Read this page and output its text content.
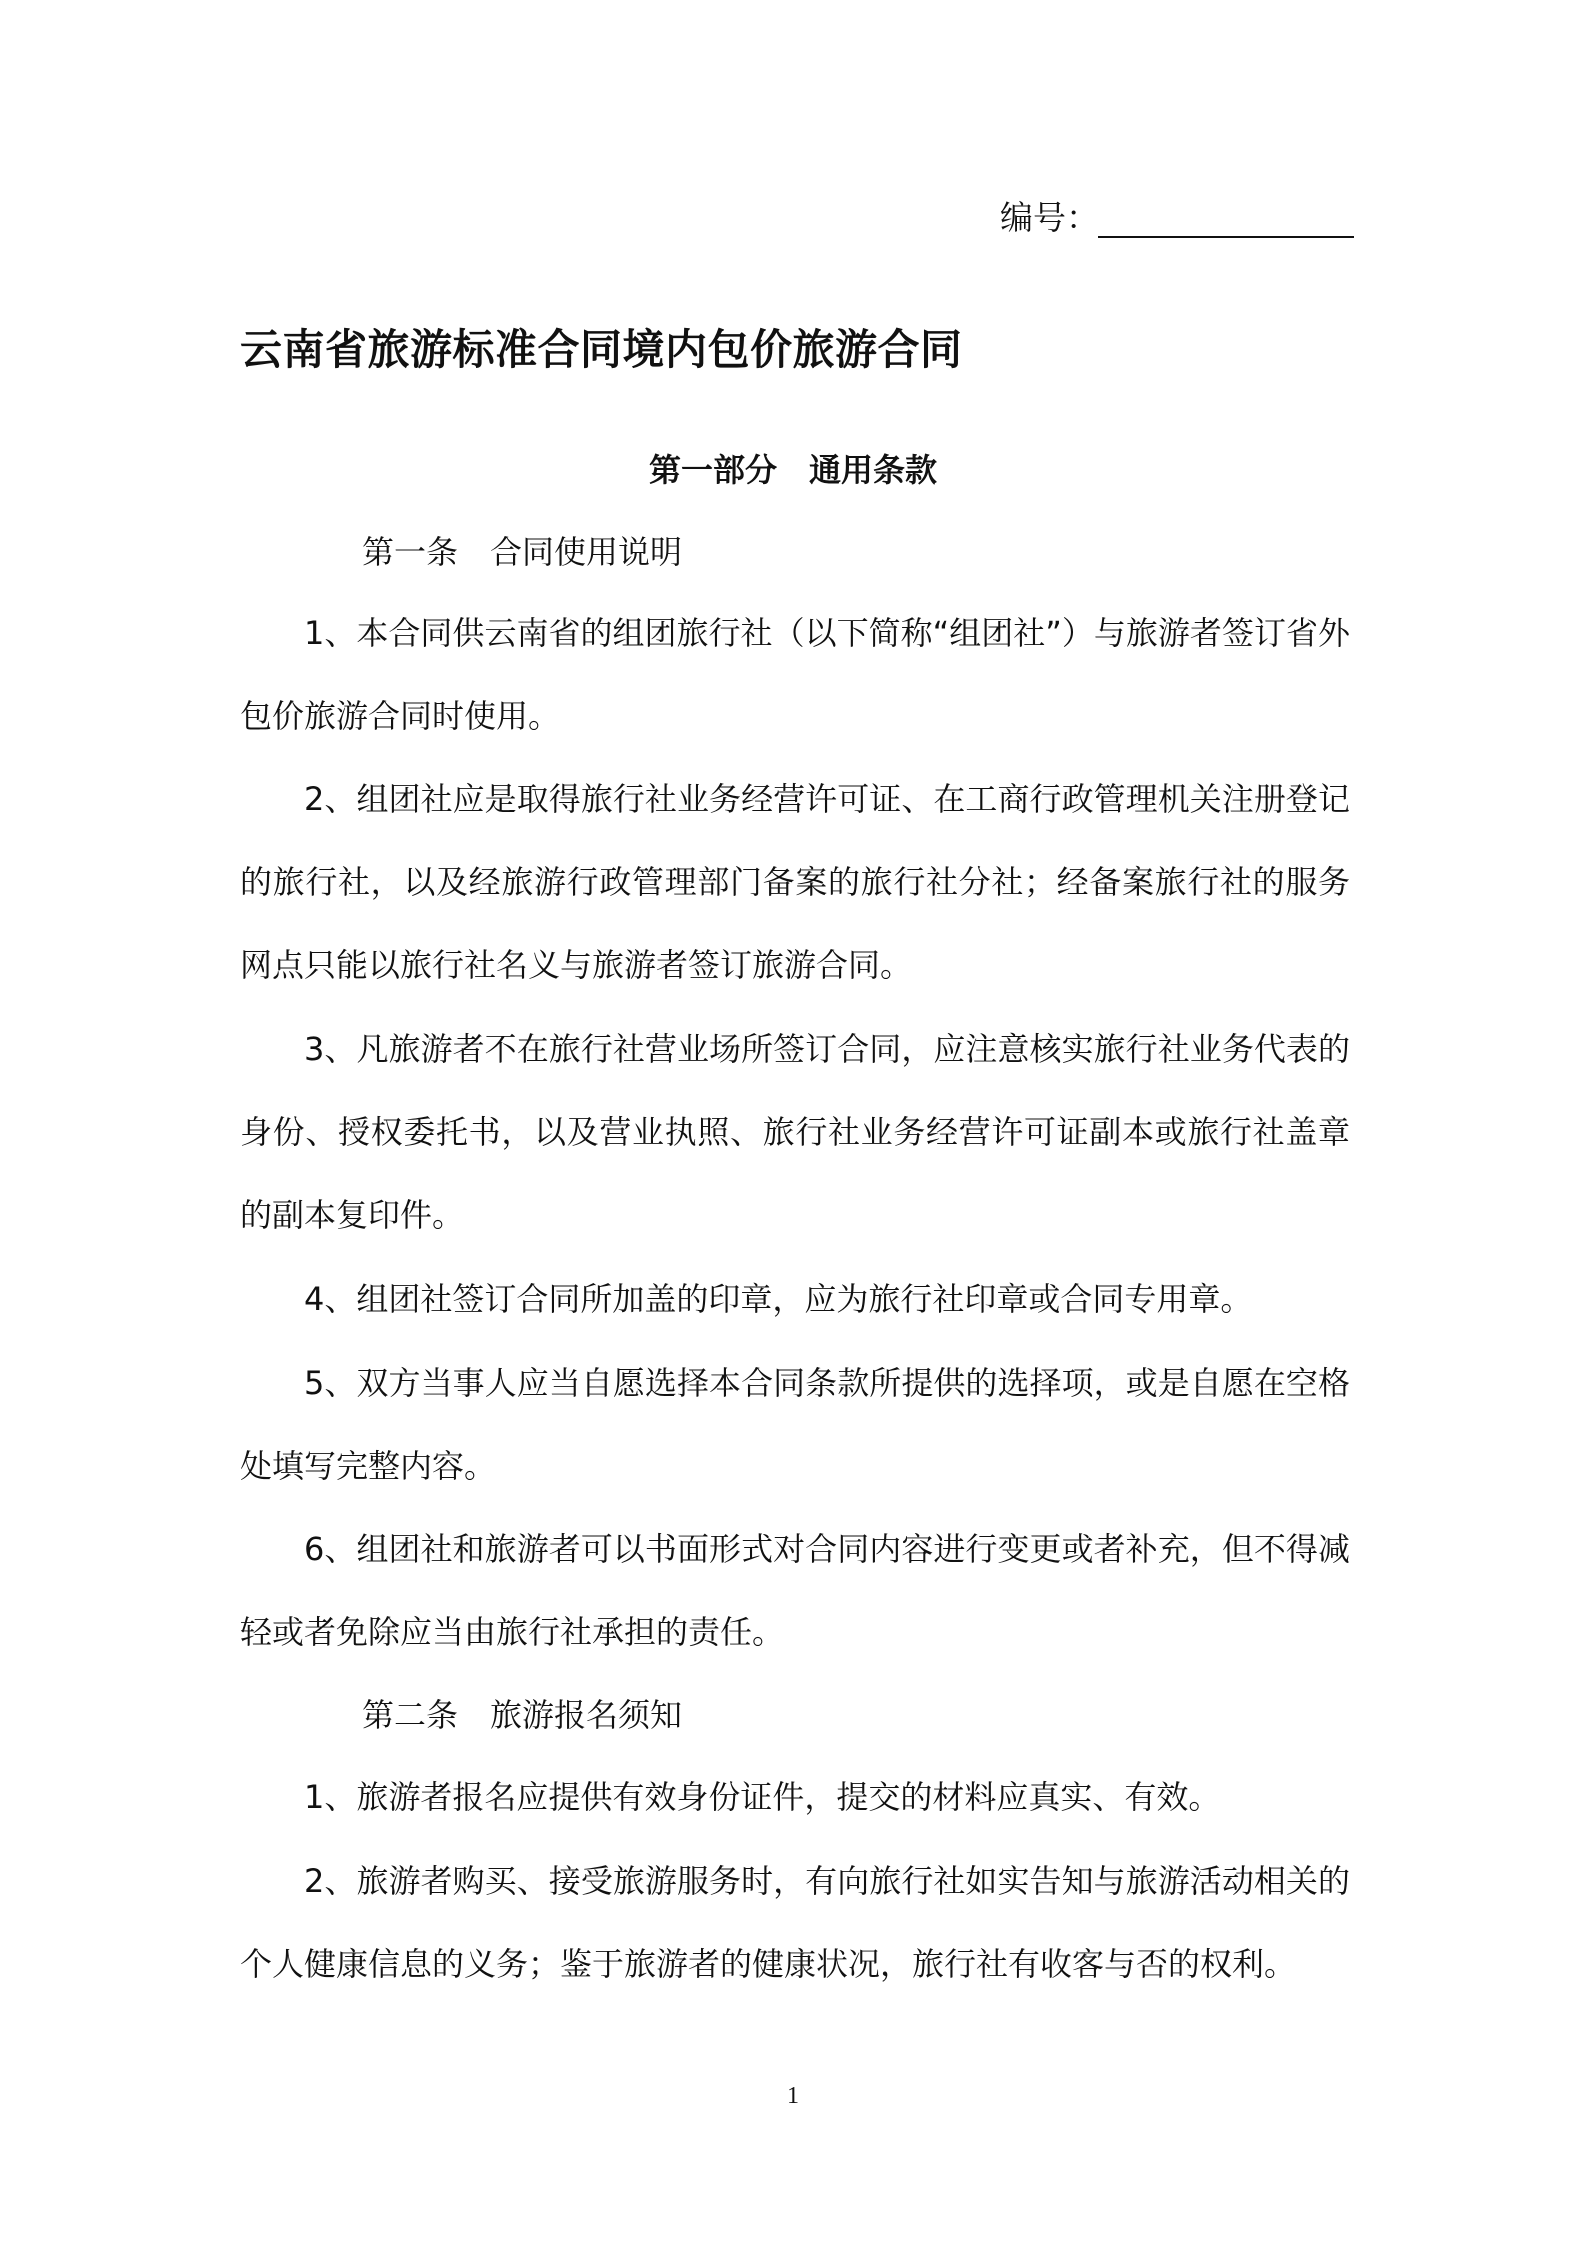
编号：
云南省旅游标准合同境内包价旅游合同
第一部分　通用条款
第一条　合同使用说明

1、本合同供云南省的组团旅行社（以下简称“组团社”）与旅游者签订省外包价旅游合同时使用。

2、组团社应是取得旅行社业务经营许可证、在工商行政管理机关注册登记的旅行社，以及经旅游行政管理部门备案的旅行社分社；经备案旅行社的服务网点只能以旅行社名义与旅游者签订旅游合同。

3、凡旅游者不在旅行社营业场所签订合同，应注意核实旅行社业务代表的身份、授权委托书，以及营业执照、旅行社业务经营许可证副本或旅行社盖章的副本复印件。

4、组团社签订合同所加盖的印章，应为旅行社印章或合同专用章。

5、双方当事人应当自愿选择本合同条款所提供的选择项，或是自愿在空格处填写完整内容。

6、组团社和旅游者可以书面形式对合同内容进行变更或者补充，但不得减轻或者免除应当由旅行社承担的责任。

第二条　旅游报名须知

1、旅游者报名应提供有效身份证件，提交的材料应真实、有效。

2、旅游者购买、接受旅游服务时，有向旅行社如实告知与旅游活动相关的个人健康信息的义务；鉴于旅游者的健康状况，旅行社有收客与否的权利。

1
